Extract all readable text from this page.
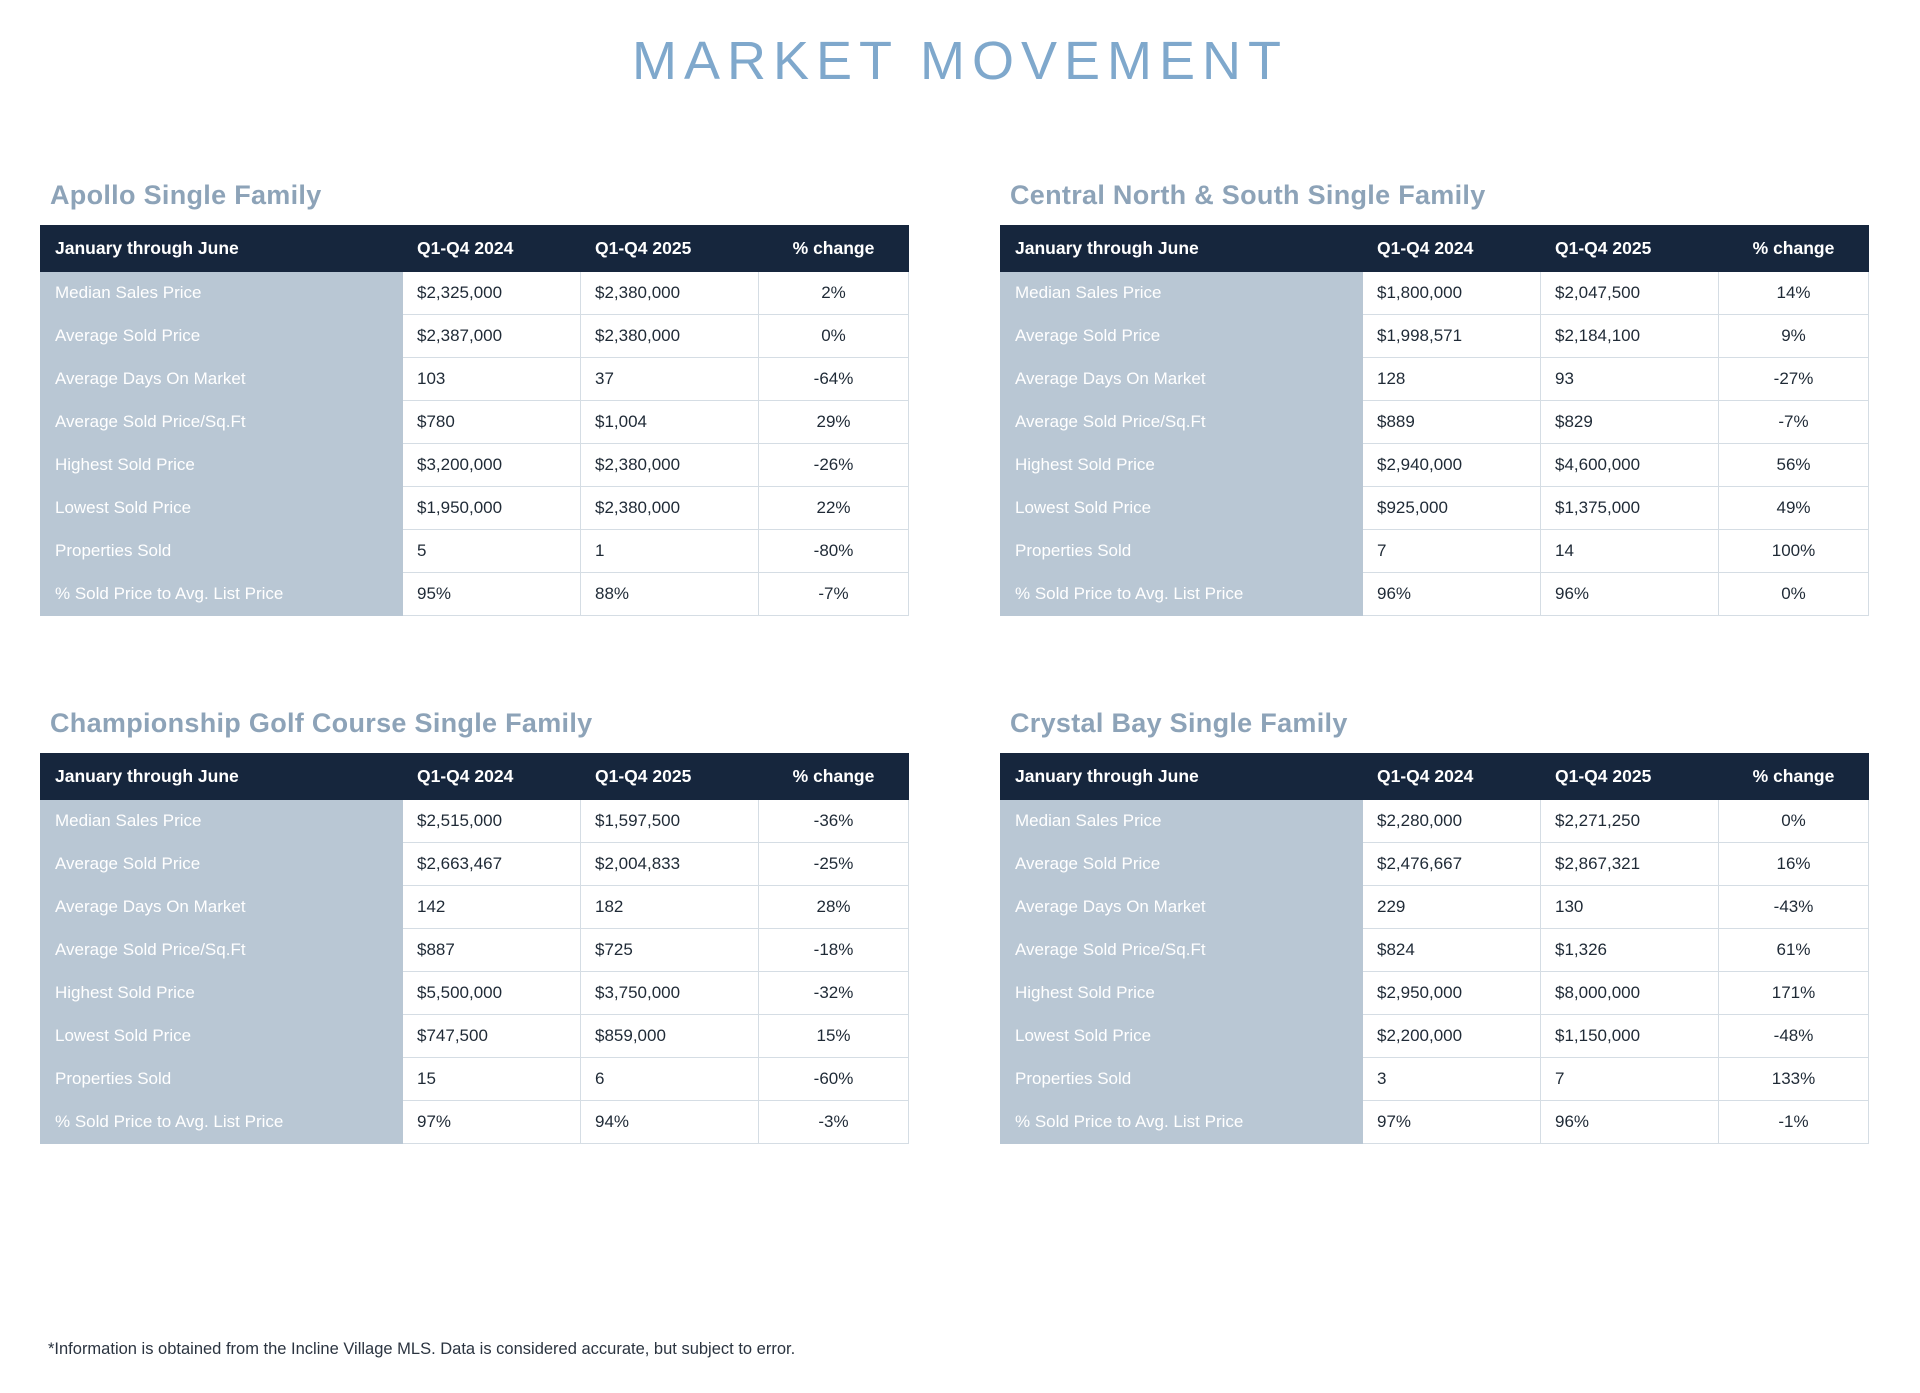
MARKET MOVEMENT
Apollo Single Family
January through June	Q1-Q4 2024	Q1-Q4 2025	% change
Median Sales Price	$2,325,000	$2,380,000	2%
Average Sold Price	$2,387,000	$2,380,000	0%
Average Days On Market	103	37	-64%
Average Sold Price/Sq.Ft	$780	$1,004	29%
Highest Sold Price	$3,200,000	$2,380,000	-26%
Lowest Sold Price	$1,950,000	$2,380,000	22%
Properties Sold	5	1	-80%
% Sold Price to Avg. List Price	95%	88%	-7%
Central North & South Single Family
January through June	Q1-Q4 2024	Q1-Q4 2025	% change
Median Sales Price	$1,800,000	$2,047,500	14%
Average Sold Price	$1,998,571	$2,184,100	9%
Average Days On Market	128	93	-27%
Average Sold Price/Sq.Ft	$889	$829	-7%
Highest Sold Price	$2,940,000	$4,600,000	56%
Lowest Sold Price	$925,000	$1,375,000	49%
Properties Sold	7	14	100%
% Sold Price to Avg. List Price	96%	96%	0%
Championship Golf Course Single Family
January through June	Q1-Q4 2024	Q1-Q4 2025	% change
Median Sales Price	$2,515,000	$1,597,500	-36%
Average Sold Price	$2,663,467	$2,004,833	-25%
Average Days On Market	142	182	28%
Average Sold Price/Sq.Ft	$887	$725	-18%
Highest Sold Price	$5,500,000	$3,750,000	-32%
Lowest Sold Price	$747,500	$859,000	15%
Properties Sold	15	6	-60%
% Sold Price to Avg. List Price	97%	94%	-3%
Crystal Bay Single Family
January through June	Q1-Q4 2024	Q1-Q4 2025	% change
Median Sales Price	$2,280,000	$2,271,250	0%
Average Sold Price	$2,476,667	$2,867,321	16%
Average Days On Market	229	130	-43%
Average Sold Price/Sq.Ft	$824	$1,326	61%
Highest Sold Price	$2,950,000	$8,000,000	171%
Lowest Sold Price	$2,200,000	$1,150,000	-48%
Properties Sold	3	7	133%
% Sold Price to Avg. List Price	97%	96%	-1%
*Information is obtained from the Incline Village MLS. Data is considered accurate, but subject to error.
